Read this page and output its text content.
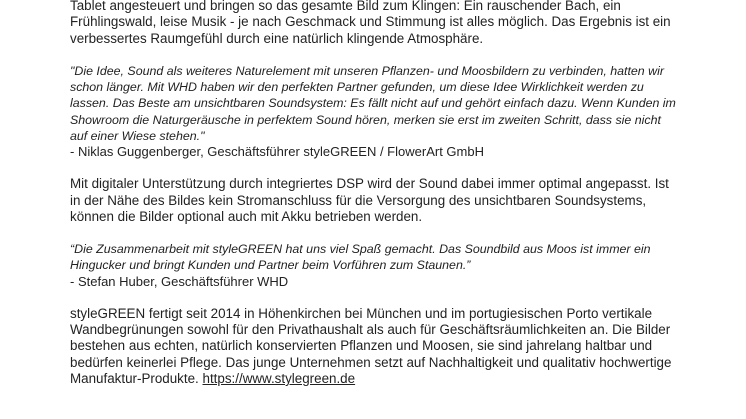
Tablet angesteuert und bringen so das gesamte Bild zum Klingen: Ein rauschender Bach, ein Frühlingswald, leise Musik - je nach Geschmack und Stimmung ist alles möglich. Das Ergebnis ist ein verbessertes Raumgefühl durch eine natürlich klingende Atmosphäre.

"Die Idee, Sound als weiteres Naturelement mit unseren Pflanzen- und Moosbildern zu verbinden, hatten wir schon länger. Mit WHD haben wir den perfekten Partner gefunden, um diese Idee Wirklichkeit werden zu lassen. Das Beste am unsichtbaren Soundsystem: Es fällt nicht auf und gehört einfach dazu. Wenn Kunden im Showroom die Naturgeräusche in perfektem Sound hören, merken sie erst im zweiten Schritt, dass sie nicht auf einer Wiese stehen."

- Niklas Guggenberger, Geschäftsführer styleGREEN / FlowerArt GmbH

Mit digitaler Unterstützung durch integriertes DSP wird der Sound dabei immer optimal angepasst. Ist in der Nähe des Bildes kein Stromanschluss für die Versorgung des unsichtbaren Soundsystems, können die Bilder optional auch mit Akku betrieben werden.

“Die Zusammenarbeit mit styleGREEN hat uns viel Spaß gemacht. Das Soundbild aus Moos ist immer ein Hingucker und bringt Kunden und Partner beim Vorführen zum Staunen.”

- Stefan Huber, Geschäftsführer WHD

styleGREEN fertigt seit 2014 in Höhenkirchen bei München und im portugiesischen Porto vertikale Wandbegrünungen sowohl für den Privathaushalt als auch für Geschäftsräumlichkeiten an. Die Bilder bestehen aus echten, natürlich konservierten Pflanzen und Moosen, sie sind jahrelang haltbar und bedürfen keinerlei Pflege. Das junge Unternehmen setzt auf Nachhaltigkeit und qualitativ hochwertige Manufaktur-Produkte. https://www.stylegreen.de
